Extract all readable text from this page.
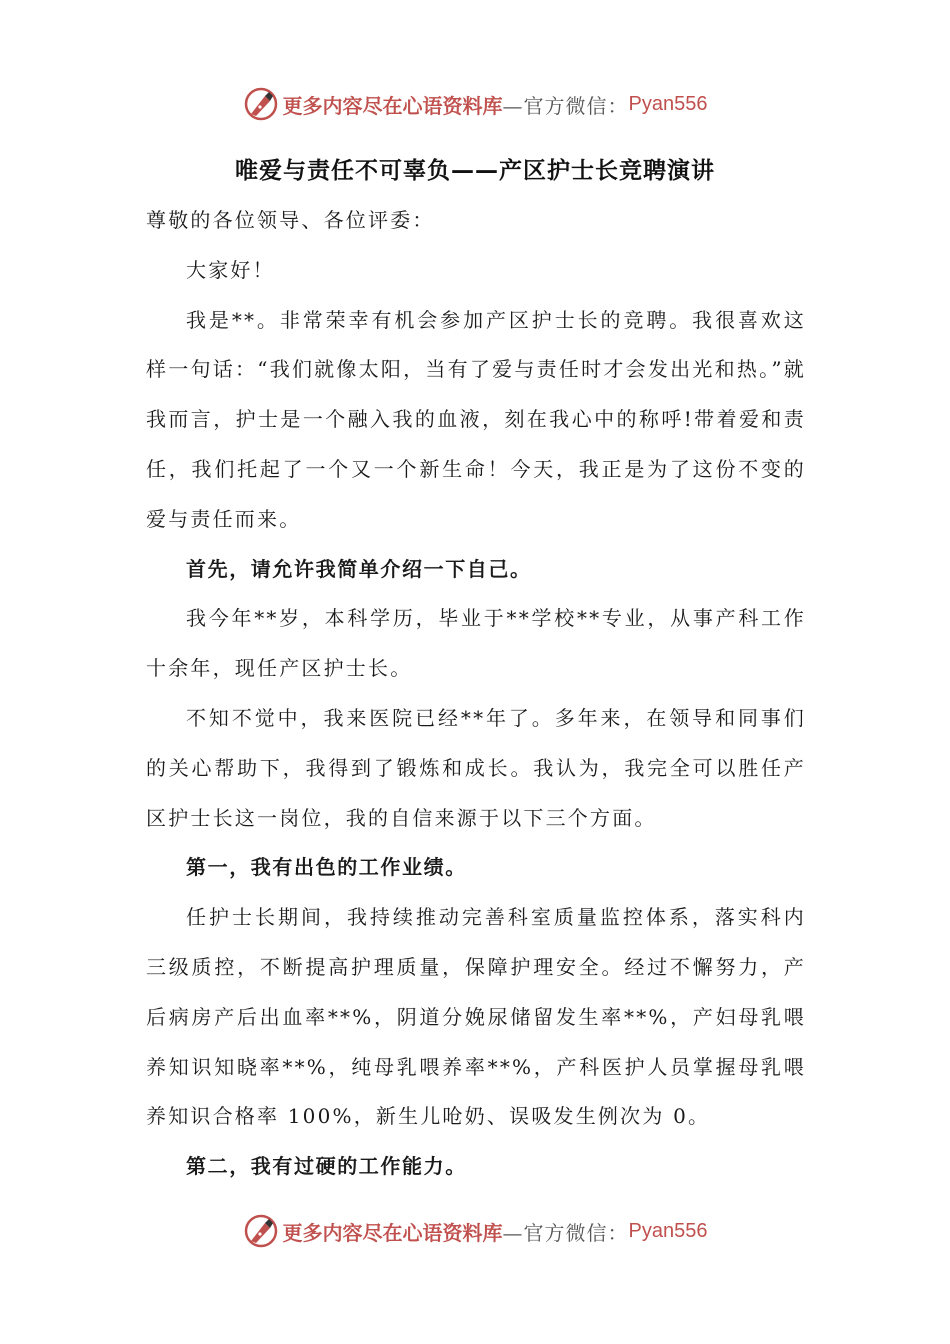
更多内容尽在心语资料库 —官方微信： Pyan556
唯爱与责任不可辜负——产区护士长竞聘演讲

尊敬的各位领导、各位评委：

大家好！

我是**。非常荣幸有机会参加产区护士长的竞聘。我很喜欢这样一句话：“我们就像太阳，当有了爱与责任时才会发出光和热。”就我而言，护士是一个融入我的血液，刻在我心中的称呼!带着爱和责任，我们托起了一个又一个新生命！今天，我正是为了这份不变的爱与责任而来。

首先，请允许我简单介绍一下自己。

我今年**岁，本科学历，毕业于**学校**专业，从事产科工作十余年，现任产区护士长。

不知不觉中，我来医院已经**年了。多年来，在领导和同事们的关心帮助下，我得到了锻炼和成长。我认为，我完全可以胜任产区护士长这一岗位，我的自信来源于以下三个方面。

第一，我有出色的工作业绩。

任护士长期间，我持续推动完善科室质量监控体系，落实科内三级质控，不断提高护理质量，保障护理安全。经过不懈努力，产后病房产后出血率**%，阴道分娩尿储留发生率**%，产妇母乳喂养知识知晓率**%，纯母乳喂养率**%，产科医护人员掌握母乳喂养知识合格率 100%，新生儿呛奶、误吸发生例次为 0。

第二，我有过硬的工作能力。

更多内容尽在心语资料库 —官方微信： Pyan556
